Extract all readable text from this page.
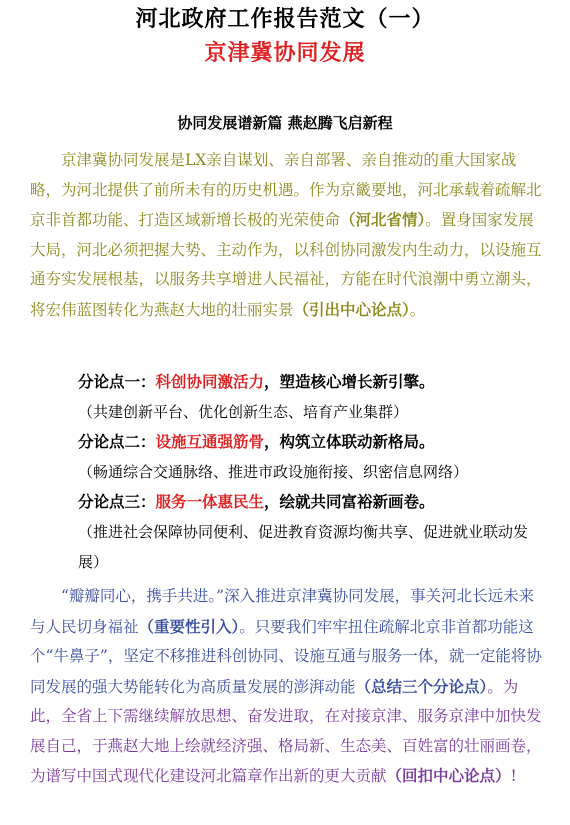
河北政府工作报告范文（一）
京津冀协同发展
协同发展谱新篇 燕赵腾飞启新程

京津冀协同发展是LX亲自谋划、亲自部署、亲自推动的重大国家战略，为河北提供了前所未有的历史机遇。作为京畿要地，河北承载着疏解北京非首都功能、打造区域新增长极的光荣使命（河北省情）。置身国家发展大局，河北必须把握大势、主动作为，以科创协同激发内生动力，以设施互通夯实发展根基，以服务共享增进人民福祉，方能在时代浪潮中勇立潮头，将宏伟蓝图转化为燕赵大地的壮丽实景（引出中心论点）。

分论点一：科创协同激活力，塑造核心增长新引擎。
（共建创新平台、优化创新生态、培育产业集群）
分论点二：设施互通强筋骨，构筑立体联动新格局。
（畅通综合交通脉络、推进市政设施衔接、织密信息网络）
分论点三：服务一体惠民生，绘就共同富裕新画卷。
（推进社会保障协同便利、促进教育资源均衡共享、促进就业联动发展）

“瓣瓣同心，携手共进。”深入推进京津冀协同发展，事关河北长远未来与人民切身福祉（重要性引入）。只要我们牢牢扭住疏解北京非首都功能这个“牛鼻子”，坚定不移推进科创协同、设施互通与服务一体，就一定能将协同发展的强大势能转化为高质量发展的澎湃动能（总结三个分论点）。为此，全省上下需继续解放思想、奋发进取，在对接京津、服务京津中加快发展自己，于燕赵大地上绘就经济强、格局新、生态美、百姓富的壮丽画卷，为谱写中国式现代化建设河北篇章作出新的更大贡献（回扣中心论点）!
